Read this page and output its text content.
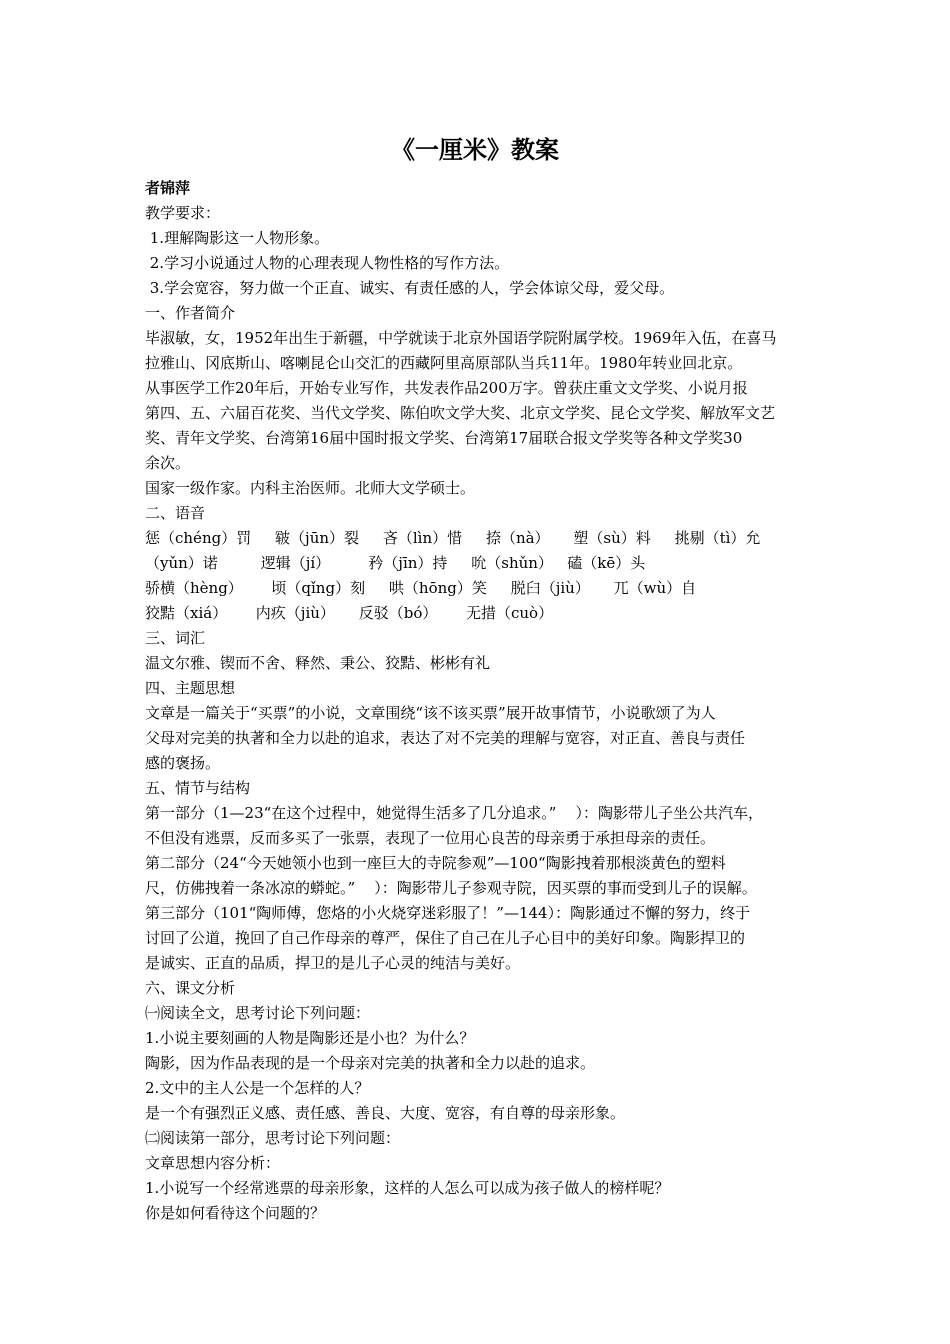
《一厘米》教案
者锦萍
教学要求：
1.理解陶影这一人物形象。
2.学习小说通过人物的心理表现人物性格的写作方法。
3.学会宽容，努力做一个正直、诚实、有责任感的人，学会体谅父母，爱父母。
一、作者简介
毕淑敏，女，1952年出生于新疆，中学就读于北京外国语学院附属学校。1969年入伍，在喜马
拉雅山、冈底斯山、喀喇昆仑山交汇的西藏阿里高原部队当兵11年。1980年转业回北京。
从事医学工作20年后，开始专业写作，共发表作品200万字。曾获庄重文文学奖、小说月报
第四、五、六届百花奖、当代文学奖、陈伯吹文学大奖、北京文学奖、昆仑文学奖、解放军文艺
奖、青年文学奖、台湾第16届中国时报文学奖、台湾第17届联合报文学奖等各种文学奖30
余次。
国家一级作家。内科主治医师。北师大文学硕士。
二、语音
惩（chéng）罚     皲（jūn）裂     吝（lìn）惜     捺（nà）     塑（sù）料     挑剔（tì）允
（yǔn）诺         逻辑（jí）        矜（jīn）持     吮（shǔn）   磕（kē）头
骄横（hèng）      顷（qǐng）刻     哄（hōng）笑     脱臼（jiù）     兀（wù）自
狡黠（xiá）      内疚（jiù）     反驳（bó）      无措（cuò）
三、词汇
温文尔雅、锲而不舍、释然、秉公、狡黠、彬彬有礼
四、主题思想
文章是一篇关于“买票”的小说，文章围绕“该不该买票”展开故事情节，小说歌颂了为人
父母对完美的执著和全力以赴的追求，表达了对不完美的理解与宽容，对正直、善良与责任
感的褒扬。
五、情节与结构
第一部分（1—23“在这个过程中，她觉得生活多了几分追求。”    ）：陶影带儿子坐公共汽车，
不但没有逃票，反而多买了一张票，表现了一位用心良苦的母亲勇于承担母亲的责任。
第二部分（24“今天她领小也到一座巨大的寺院参观”—100“陶影拽着那根淡黄色的塑料
尺，仿佛拽着一条冰凉的蟒蛇。”    ）：陶影带儿子参观寺院，因买票的事而受到儿子的误解。
第三部分（101“陶师傅，您烙的小火烧穿迷彩服了！”—144）：陶影通过不懈的努力，终于
讨回了公道，挽回了自己作母亲的尊严，保住了自己在儿子心目中的美好印象。陶影捍卫的
是诚实、正直的品质，捍卫的是儿子心灵的纯洁与美好。
六、课文分析
㈠阅读全文，思考讨论下列问题：
1.小说主要刻画的人物是陶影还是小也？为什么？
陶影，因为作品表现的是一个母亲对完美的执著和全力以赴的追求。
2.文中的主人公是一个怎样的人？
是一个有强烈正义感、责任感、善良、大度、宽容，有自尊的母亲形象。
㈡阅读第一部分，思考讨论下列问题：
文章思想内容分析：
1.小说写一个经常逃票的母亲形象，这样的人怎么可以成为孩子做人的榜样呢？
你是如何看待这个问题的？
